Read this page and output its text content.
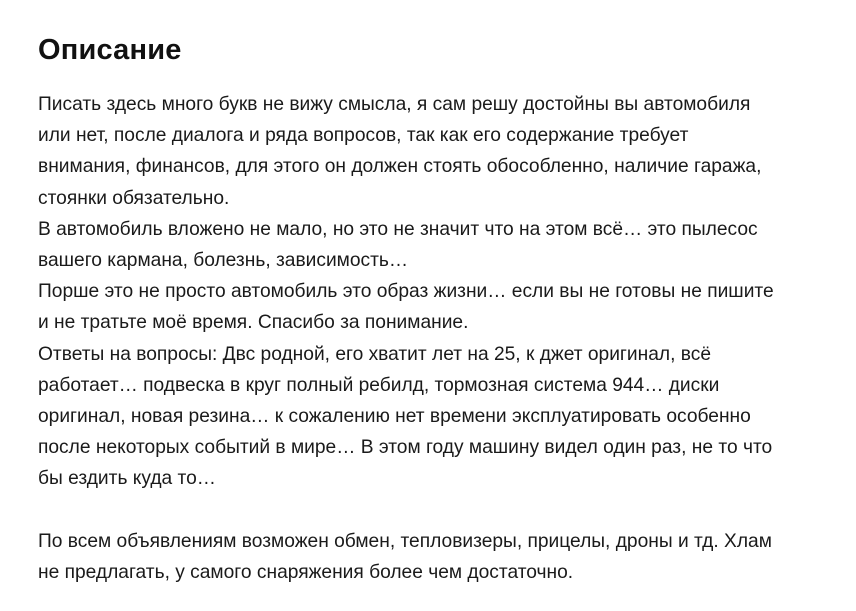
Описание

Писать здесь много букв не вижу смысла, я сам решу достойны вы автомобиля
или нет, после диалога и ряда вопросов, так как его содержание требует
внимания, финансов, для этого он должен стоять обособленно, наличие гаража,
стоянки обязательно.
В автомобиль вложено не мало, но это не значит что на этом всё… это пылесос
вашего кармана, болезнь, зависимость…
Порше это не просто автомобиль это образ жизни… если вы не готовы не пишите
и не тратьте моё время. Спасибо за понимание.
Ответы на вопросы: Двс родной, его хватит лет на 25, к джет оригинал, всё
работает… подвеска в круг полный ребилд, тормозная система 944… диски
оригинал, новая резина… к сожалению нет времени эксплуатировать особенно
после некоторых событий в мире… В этом году машину видел один раз, не то что
бы ездить куда то…

По всем объявлениям возможен обмен, тепловизеры, прицелы, дроны и тд. Хлам
не предлагать, у самого снаряжения более чем достаточно.
